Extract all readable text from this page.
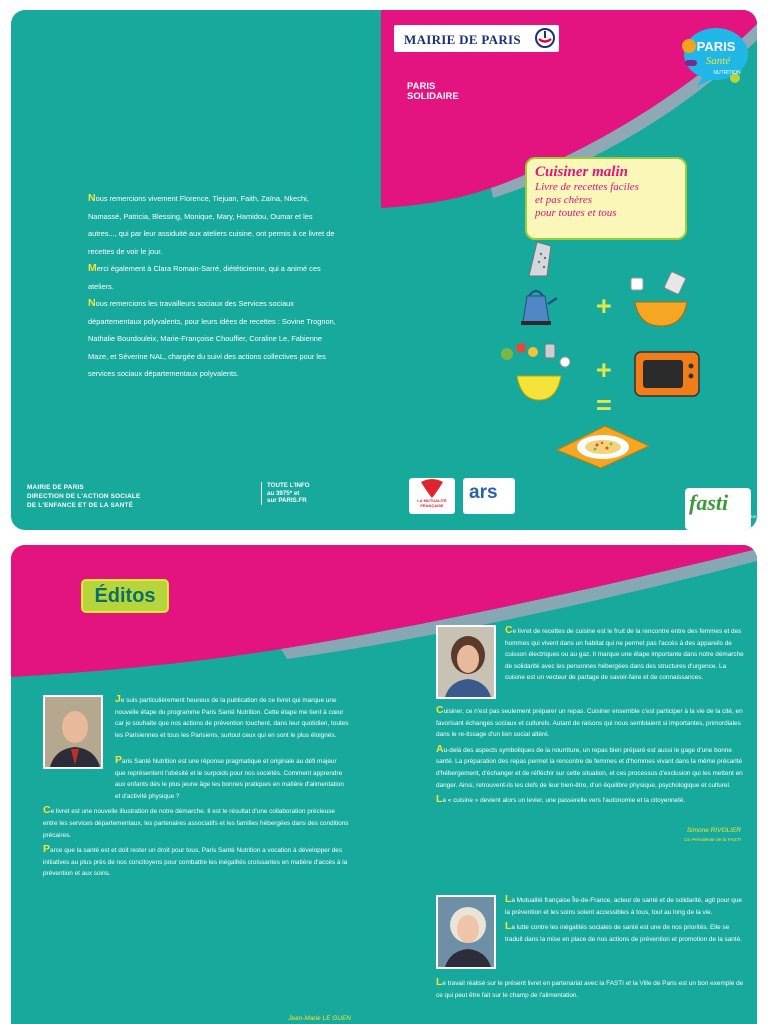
Nous remercions vivement Florence, Tiejuan, Faith, Zaïna, Nkechi, Namassé, Patricia, Blessing, Monique, Mary, Hamidou, Oumar et les autres..., qui par leur assiduité aux ateliers cuisine, ont permis à ce livret de recettes de voir le jour.

Merci également à Clara Romain-Sarré, diététicienne, qui a animé ces ateliers.

Nous remercions les travailleurs sociaux des Services sociaux départementaux polyvalents, pour leurs idées de recettes : Sovine Trognon, Nathalie Bourdouleix, Marie-Françoise Chouffier, Coraline Le, Fabienne Maze, et Séverine NAL, chargée du suivi des actions collectives pour les services sociaux départementaux polyvalents.

MAIRIE DE PARIS
DIRECTION DE L'ACTION SOCIALE
DE L'ENFANCE ET DE LA SANTÉ
TOUTE L'INFO
au 3975* et
sur PARIS.FR
MAIRIE DE PARIS
PARIS
SOLIDAIRE
PARIS
Santé
NUTRITION
Cuisiner malin
Livre de recettes faciles
et pas chères
pour toutes et tous
+
+
=
LA MUTUALITÉ
FRANÇAISE
ars	fasti
FÉDÉRATION DES ASSOCIATIONS DE SOLIDARITÉ AVEC LES TRAVAILLEURS IMMIGRÉS
Éditos

Je suis particulièrement heureux de la publication de ce livret qui marque une nouvelle étape du programme Paris Santé Nutrition. Cette étape me tient à cœur car je souhaite que nos actions de prévention touchent, dans leur quotidien, toutes les Parisiennes et tous les Parisiens, surtout ceux qui en sont le plus éloignés.

Paris Santé Nutrition est une réponse pragmatique et originale au défi majeur que représentent l'obésité et le surpoids pour nos sociétés. Comment apprendre aux enfants dès le plus jeune âge les bonnes pratiques en matière d'alimentation et d'activité physique ?

Ce livret est une nouvelle illustration de notre démarche. Il est le résultat d'une collaboration précieuse entre les services départementaux, les partenaires associatifs et les familles hébergées dans des conditions précaires.

Parce que la santé est et doit rester un droit pour tous, Paris Santé Nutrition a vocation à développer des initiatives au plus près de nos concitoyens pour combattre les inégalités croissantes en matière d'accès à la prévention et aux soins.

Jean-Marie LE GUEN

Ce livret de recettes de cuisine est le fruit de la rencontre entre des femmes et des hommes qui vivent dans un habitat qui ne permet pas l'accès à des appareils de cuisson électriques ou au gaz. Il marque une étape importante dans notre démarche de solidarité avec les personnes hébergées dans des structures d'urgence. La cuisine est un vecteur de partage de savoir-faire et de connaissances.

Cuisiner, ce n'est pas seulement préparer un repas. Cuisiner ensemble c'est participer à la vie de la cité, en favorisant échanges sociaux et culturels. Autant de raisons qui nous semblaient si importantes, primordiales dans le re-tissage d'un lien social altéré.

Au-delà des aspects symboliques de la nourriture, un repas bien préparé est aussi le gage d'une bonne santé. La préparation des repas permet la rencontre de femmes et d'hommes vivant dans la même précarité d'hébergement, d'échanger et de réfléchir sur cette situation, et ces processus d'exclusion qui les mettent en danger. Ainsi, retrouvent-ils les clefs de leur bien-être, d'un équilibre physique, psychologique et culturel.

La « cuisine » devient alors un levier, une passerelle vers l'autonomie et la citoyenneté.

Simone RIVOLIER
Co-Présidente de la FASTI

La Mutualité française Île-de-France, acteur de santé et de solidarité, agit pour que la prévention et les soins soient accessibles à tous, tout au long de la vie.

La lutte contre les inégalités sociales de santé est une de nos priorités. Elle se traduit dans la mise en place de nos actions de prévention et promotion de la santé.

Le travail réalisé sur le présent livret en partenariat avec la FASTI et la Ville de Paris est un bon exemple de ce qui peut être fait sur le champ de l'alimentation.
